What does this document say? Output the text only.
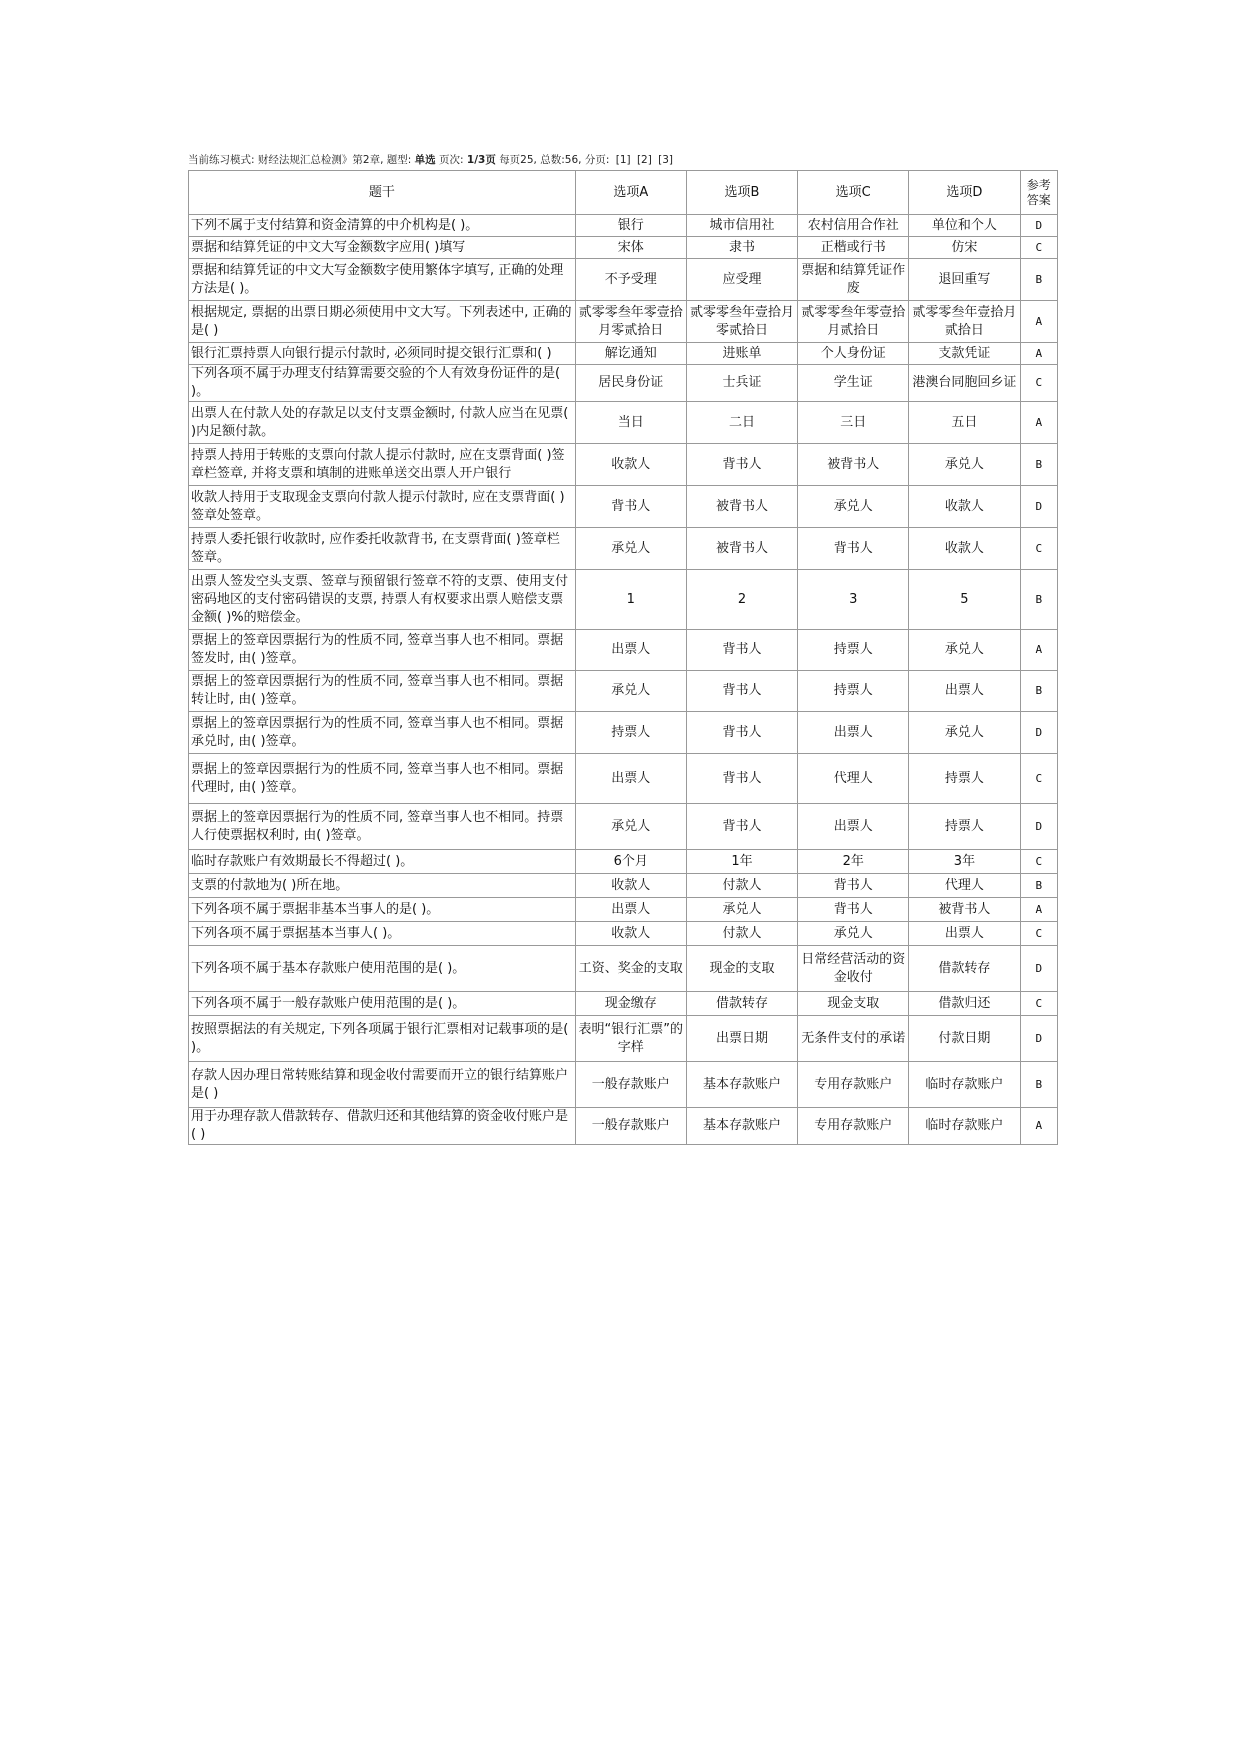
当前练习模式: 财经法规汇总检测》第2章, 题型: 单选 页次: 1/3页 每页25, 总数:56, 分页: [1] [2] [3]
题干	选项A	选项B	选项C	选项D	参考答案
下列不属于支付结算和资金清算的中介机构是( )。	银行	城市信用社	农村信用合作社	单位和个人	D
票据和结算凭证的中文大写金额数字应用( )填写	宋体	隶书	正楷或行书	仿宋	C
票据和结算凭证的中文大写金额数字使用繁体字填写, 正确的处理方法是( )。	不予受理	应受理	票据和结算凭证作废	退回重写	B
根据规定, 票据的出票日期必须使用中文大写。下列表述中, 正确的是( )	贰零零叁年零壹拾月零贰拾日	贰零零叁年壹拾月零贰拾日	贰零零叁年零壹拾月贰拾日	贰零零叁年壹拾月贰拾日	A
银行汇票持票人向银行提示付款时, 必须同时提交银行汇票和( )	解讫通知	进账单	个人身份证	支款凭证	A
下列各项不属于办理支付结算需要交验的个人有效身份证件的是( )。	居民身份证	士兵证	学生证	港澳台同胞回乡证	C
出票人在付款人处的存款足以支付支票金额时, 付款人应当在见票( )内足额付款。	当日	二日	三日	五日	A
持票人持用于转账的支票向付款人提示付款时, 应在支票背面( )签章栏签章, 并将支票和填制的进账单送交出票人开户银行	收款人	背书人	被背书人	承兑人	B
收款人持用于支取现金支票向付款人提示付款时, 应在支票背面( )签章处签章。	背书人	被背书人	承兑人	收款人	D
持票人委托银行收款时, 应作委托收款背书, 在支票背面( )签章栏签章。	承兑人	被背书人	背书人	收款人	C
出票人签发空头支票、签章与预留银行签章不符的支票、使用支付密码地区的支付密码错误的支票, 持票人有权要求出票人赔偿支票金额( )%的赔偿金。	1	2	3	5	B
票据上的签章因票据行为的性质不同, 签章当事人也不相同。票据签发时, 由( )签章。	出票人	背书人	持票人	承兑人	A
票据上的签章因票据行为的性质不同, 签章当事人也不相同。票据转让时, 由( )签章。	承兑人	背书人	持票人	出票人	B
票据上的签章因票据行为的性质不同, 签章当事人也不相同。票据承兑时, 由( )签章。	持票人	背书人	出票人	承兑人	D
票据上的签章因票据行为的性质不同, 签章当事人也不相同。票据代理时, 由( )签章。	出票人	背书人	代理人	持票人	C
票据上的签章因票据行为的性质不同, 签章当事人也不相同。持票人行使票据权利时, 由( )签章。	承兑人	背书人	出票人	持票人	D
临时存款账户有效期最长不得超过( )。	6个月	1年	2年	3年	C
支票的付款地为( )所在地。	收款人	付款人	背书人	代理人	B
下列各项不属于票据非基本当事人的是( )。	出票人	承兑人	背书人	被背书人	A
下列各项不属于票据基本当事人( )。	收款人	付款人	承兑人	出票人	C
下列各项不属于基本存款账户使用范围的是( )。	工资、奖金的支取	现金的支取	日常经营活动的资金收付	借款转存	D
下列各项不属于一般存款账户使用范围的是( )。	现金缴存	借款转存	现金支取	借款归还	C
按照票据法的有关规定, 下列各项属于银行汇票相对记载事项的是( )。	表明“银行汇票”的字样	出票日期	无条件支付的承诺	付款日期	D
存款人因办理日常转账结算和现金收付需要而开立的银行结算账户是( )	一般存款账户	基本存款账户	专用存款账户	临时存款账户	B
用于办理存款人借款转存、借款归还和其他结算的资金收付账户是( )	一般存款账户	基本存款账户	专用存款账户	临时存款账户	A
